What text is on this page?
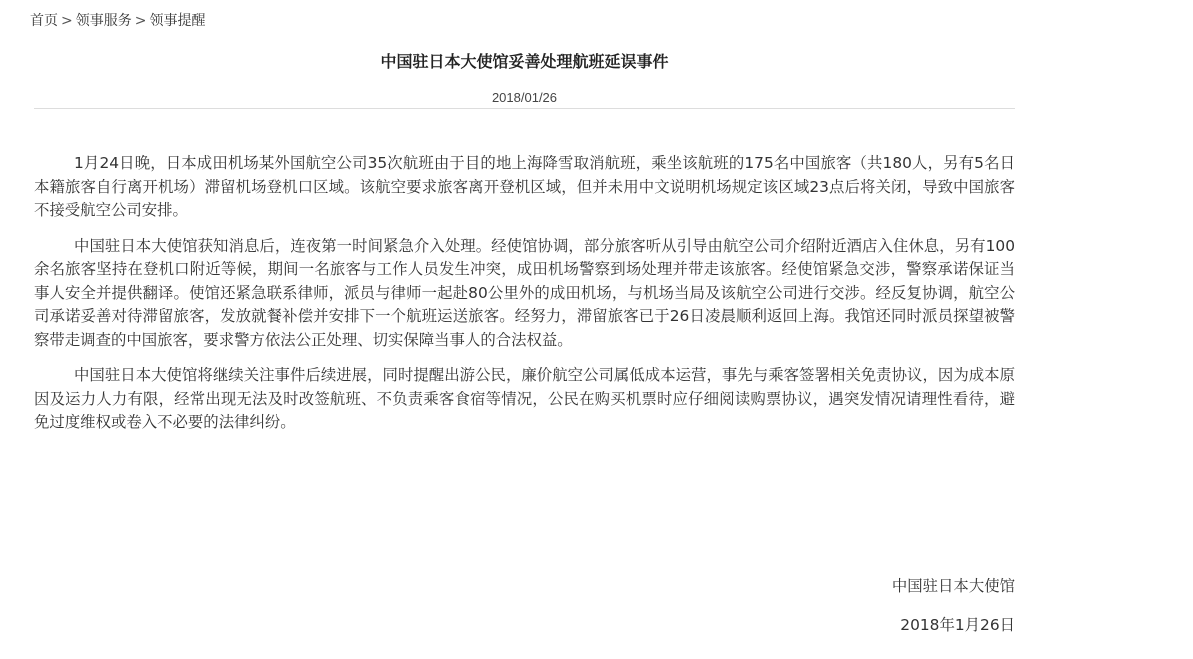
首页 > 领事服务 > 领事提醒
中国驻日本大使馆妥善处理航班延误事件
2018/01/26

1月24日晚，日本成田机场某外国航空公司35次航班由于目的地上海降雪取消航班，乘坐该航班的175名中国旅客（共180人，另有5名日本籍旅客自行离开机场）滞留机场登机口区域。该航空要求旅客离开登机区域，但并未用中文说明机场规定该区域23点后将关闭，导致中国旅客不接受航空公司安排。

中国驻日本大使馆获知消息后，连夜第一时间紧急介入处理。经使馆协调，部分旅客听从引导由航空公司介绍附近酒店入住休息，另有100余名旅客坚持在登机口附近等候，期间一名旅客与工作人员发生冲突，成田机场警察到场处理并带走该旅客。经使馆紧急交涉，警察承诺保证当事人安全并提供翻译。使馆还紧急联系律师，派员与律师一起赴80公里外的成田机场，与机场当局及该航空公司进行交涉。经反复协调，航空公司承诺妥善对待滞留旅客，发放就餐补偿并安排下一个航班运送旅客。经努力，滞留旅客已于26日凌晨顺利返回上海。我馆还同时派员探望被警察带走调查的中国旅客，要求警方依法公正处理、切实保障当事人的合法权益。

中国驻日本大使馆将继续关注事件后续进展，同时提醒出游公民，廉价航空公司属低成本运营，事先与乘客签署相关免责协议，因为成本原因及运力人力有限，经常出现无法及时改签航班、不负责乘客食宿等情况，公民在购买机票时应仔细阅读购票协议，遇突发情况请理性看待，避免过度维权或卷入不必要的法律纠纷。

中国驻日本大使馆
2018年1月26日
